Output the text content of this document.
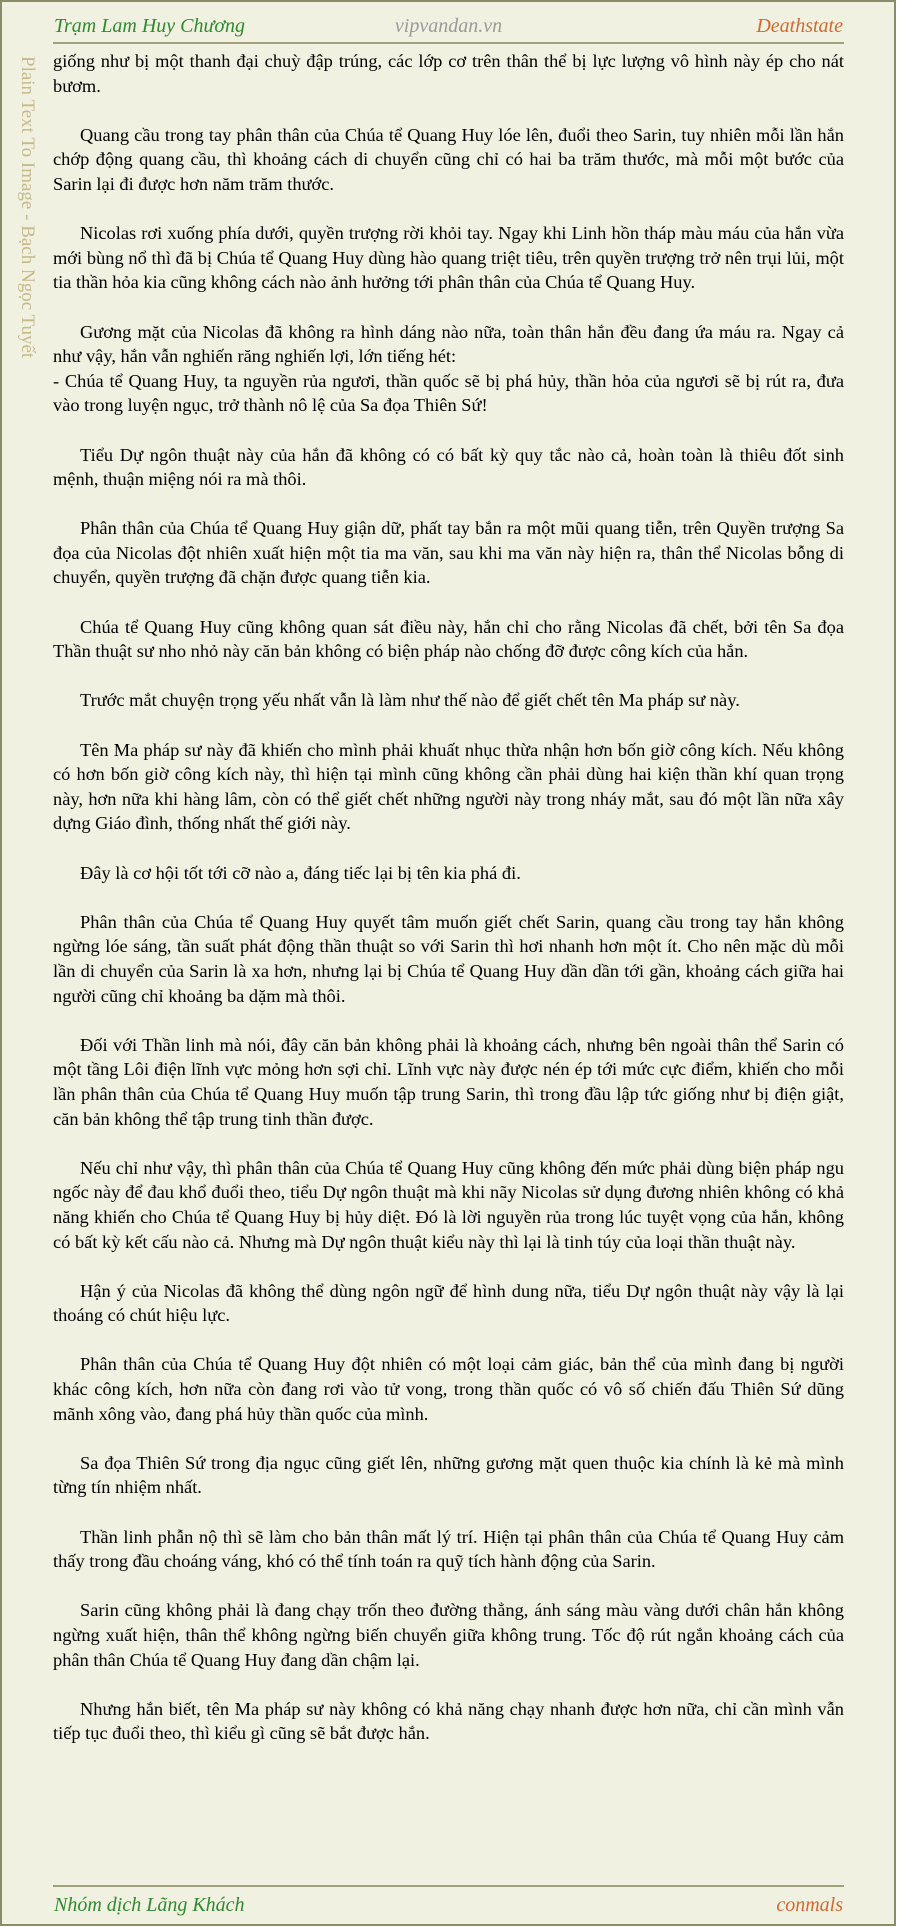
Trạm Lam Huy Chương	vipvandan.vn	Deathstate
Plain Text To Image - Bạch Ngọc Tuyết giống như bị một thanh đại chuỳ đập trúng, các lớp cơ trên thân thể bị lực lượng vô hình này ép cho nát bươm.

Quang cầu trong tay phân thân của Chúa tể Quang Huy lóe lên, đuổi theo Sarin, tuy nhiên mỗi lần hắn chớp động quang cầu, thì khoảng cách di chuyển cũng chỉ có hai ba trăm thước, mà mỗi một bước của Sarin lại đi được hơn năm trăm thước.

Nicolas rơi xuống phía dưới, quyền trượng rời khỏi tay. Ngay khi Linh hồn tháp màu máu của hắn vừa mới bùng nổ thì đã bị Chúa tể Quang Huy dùng hào quang triệt tiêu, trên quyền trượng trở nên trụi lủi, một tia thần hỏa kia cũng không cách nào ảnh hưởng tới phân thân của Chúa tể Quang Huy.

Gương mặt của Nicolas đã không ra hình dáng nào nữa, toàn thân hắn đều đang ứa máu ra. Ngay cả như vậy, hắn vẫn nghiến răng nghiến lợi, lớn tiếng hét:

- Chúa tể Quang Huy, ta nguyền rủa ngươi, thần quốc sẽ bị phá hủy, thần hỏa của ngươi sẽ bị rút ra, đưa vào trong luyện ngục, trở thành nô lệ của Sa đọa Thiên Sứ!

Tiểu Dự ngôn thuật này của hắn đã không có có bất kỳ quy tắc nào cả, hoàn toàn là thiêu đốt sinh mệnh, thuận miệng nói ra mà thôi.

Phân thân của Chúa tể Quang Huy giận dữ, phất tay bắn ra một mũi quang tiễn, trên Quyền trượng Sa đọa của Nicolas đột nhiên xuất hiện một tia ma văn, sau khi ma văn này hiện ra, thân thể Nicolas bỗng di chuyển, quyền trượng đã chặn được quang tiễn kia.

Chúa tể Quang Huy cũng không quan sát điều này, hắn chỉ cho rằng Nicolas đã chết, bởi tên Sa đọa Thần thuật sư nho nhỏ này căn bản không có biện pháp nào chống đỡ được công kích của hắn.

Trước mắt chuyện trọng yếu nhất vẫn là làm như thế nào để giết chết tên Ma pháp sư này.

Tên Ma pháp sư này đã khiến cho mình phải khuất nhục thừa nhận hơn bốn giờ công kích. Nếu không có hơn bốn giờ công kích này, thì hiện tại mình cũng không cần phải dùng hai kiện thần khí quan trọng này, hơn nữa khi hàng lâm, còn có thể giết chết những người này trong nháy mắt, sau đó một lần nữa xây dựng Giáo đình, thống nhất thế giới này.

Đây là cơ hội tốt tới cỡ nào a, đáng tiếc lại bị tên kia phá đi.

Phân thân của Chúa tể Quang Huy quyết tâm muốn giết chết Sarin, quang cầu trong tay hắn không ngừng lóe sáng, tần suất phát động thần thuật so với Sarin thì hơi nhanh hơn một ít. Cho nên mặc dù mỗi lần di chuyển của Sarin là xa hơn, nhưng lại bị Chúa tể Quang Huy dần dần tới gần, khoảng cách giữa hai người cũng chỉ khoảng ba dặm mà thôi.

Đối với Thần linh mà nói, đây căn bản không phải là khoảng cách, nhưng bên ngoài thân thể Sarin có một tầng Lôi điện lĩnh vực mỏng hơn sợi chỉ. Lĩnh vực này được nén ép tới mức cực điểm, khiến cho mỗi lần phân thân của Chúa tể Quang Huy muốn tập trung Sarin, thì trong đầu lập tức giống như bị điện giật, căn bản không thể tập trung tinh thần được.

Nếu chỉ như vậy, thì phân thân của Chúa tể Quang Huy cũng không đến mức phải dùng biện pháp ngu ngốc này để đau khổ đuổi theo, tiểu Dự ngôn thuật mà khi nãy Nicolas sử dụng đương nhiên không có khả năng khiến cho Chúa tể Quang Huy bị hủy diệt. Đó là lời nguyền rủa trong lúc tuyệt vọng của hắn, không có bất kỳ kết cấu nào cả. Nhưng mà Dự ngôn thuật kiểu này thì lại là tinh túy của loại thần thuật này.

Hận ý của Nicolas đã không thể dùng ngôn ngữ để hình dung nữa, tiểu Dự ngôn thuật này vậy là lại thoáng có chút hiệu lực.

Phân thân của Chúa tể Quang Huy đột nhiên có một loại cảm giác, bản thể của mình đang bị người khác công kích, hơn nữa còn đang rơi vào tử vong, trong thần quốc có vô số chiến đấu Thiên Sứ dũng mãnh xông vào, đang phá hủy thần quốc của mình.

Sa đọa Thiên Sứ trong địa ngục cũng giết lên, những gương mặt quen thuộc kia chính là kẻ mà mình từng tín nhiệm nhất.

Thần linh phẫn nộ thì sẽ làm cho bản thân mất lý trí. Hiện tại phân thân của Chúa tể Quang Huy cảm thấy trong đầu choáng váng, khó có thể tính toán ra quỹ tích hành động của Sarin.

Sarin cũng không phải là đang chạy trốn theo đường thẳng, ánh sáng màu vàng dưới chân hắn không ngừng xuất hiện, thân thể không ngừng biến chuyển giữa không trung. Tốc độ rút ngắn khoảng cách của phân thân Chúa tể Quang Huy đang dần chậm lại.

Nhưng hắn biết, tên Ma pháp sư này không có khả năng chạy nhanh được hơn nữa, chỉ cần mình vẫn tiếp tục đuổi theo, thì kiểu gì cũng sẽ bắt được hắn.

Nhóm dịch Lãng Khách	conmals
